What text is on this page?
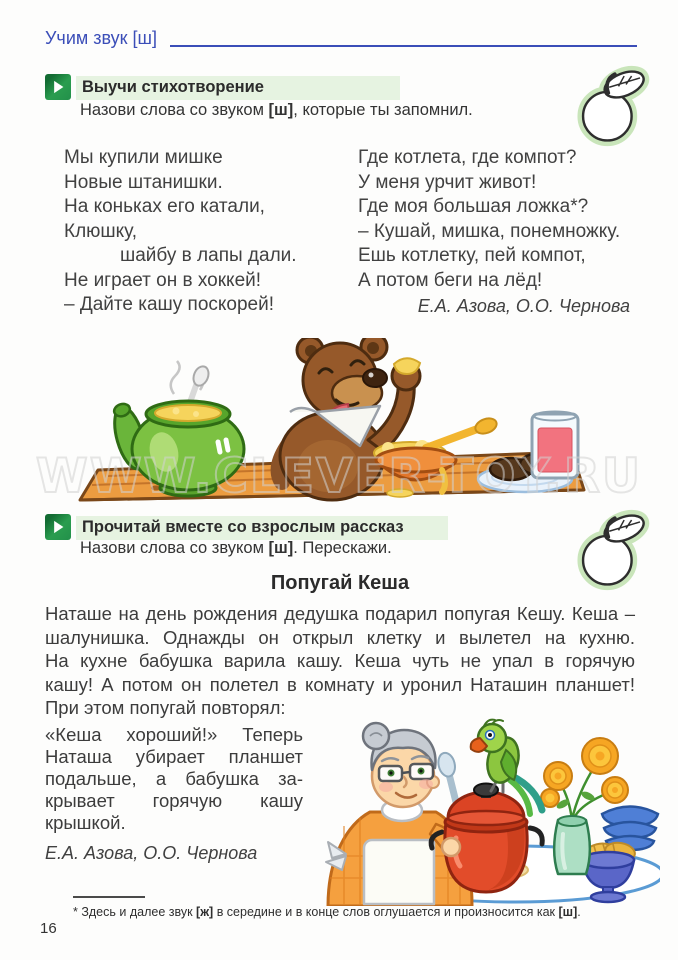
Учим звук [ш]
Выучи стихотворение
Назови слова со звуком [ш], которые ты запомнил.
Мы купили мишке
Новые штанишки.
На коньках его катали,
Клюшку,
шайбу в лапы дали.
Не играет он в хоккей!
– Дайте кашу поскорей!
Где котлета, где компот?
У меня урчит живот!
Где моя большая ложка*?
– Кушай, мишка, понемножку.
Ешь котлетку, пей компот,
А потом беги на лёд!
Е.А. Азова, О.О. Чернова
WWW.CLEVER-TOY.RU
Прочитай вместе со взрослым рассказ
Назови слова со звуком [ш]. Перескажи.
Попугай Кеша
Наташе на день рождения дедушка подарил попугая Кешу. Кеша –
шалунишка. Однажды он открыл клетку и вылетел на кухню.
На кухне бабушка варила кашу. Кеша чуть не упал в горячую
кашу! А потом он полетел в комнату и уронил Наташин планшет!
При этом попугай повторял:
«Кеша хороший!» Теперь
Наташа убирает планшет
подальше, а бабушка за-
крывает горячую кашу
крышкой.
Е.А. Азова, О.О. Чернова
* Здесь и далее звук [ж] в середине и в конце слов оглушается и произносится как [ш].
16
